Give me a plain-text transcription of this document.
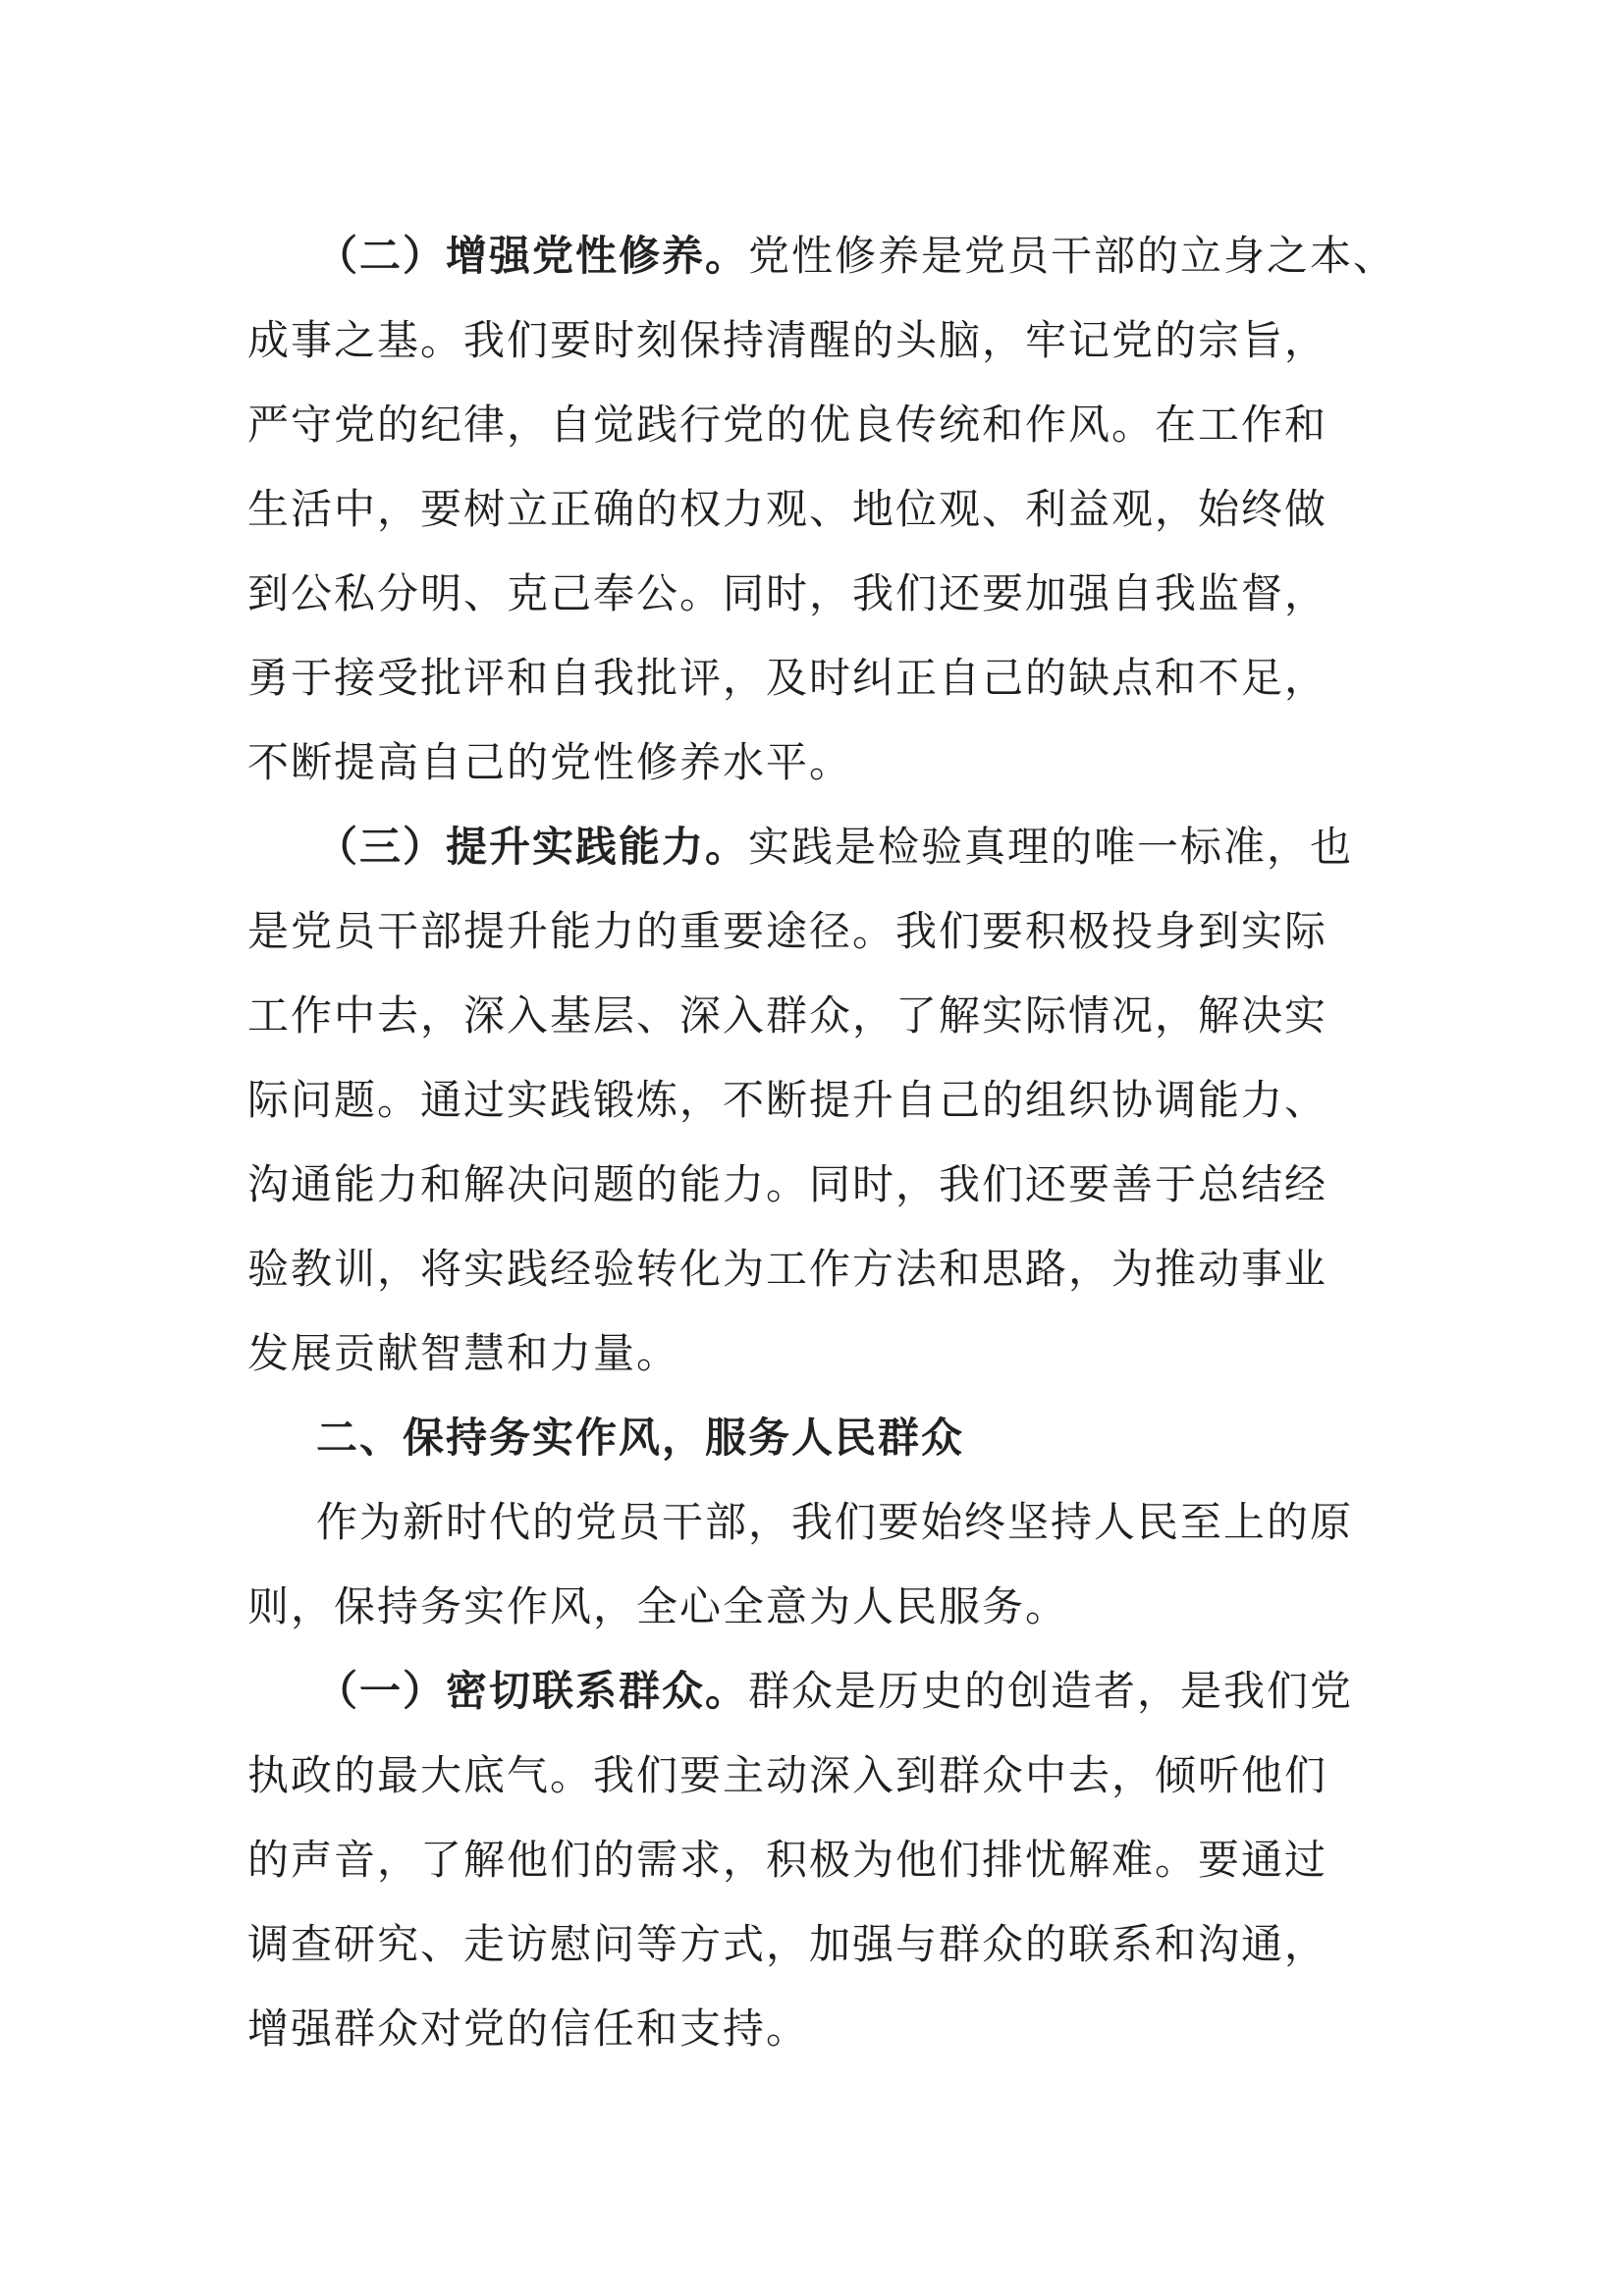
（二）增强党性修养。党性修养是党员干部的立身之本、
成事之基。我们要时刻保持清醒的头脑，牢记党的宗旨，
严守党的纪律，自觉践行党的优良传统和作风。在工作和
生活中，要树立正确的权力观、地位观、利益观，始终做
到公私分明、克己奉公。同时，我们还要加强自我监督，
勇于接受批评和自我批评，及时纠正自己的缺点和不足，
不断提高自己的党性修养水平。
（三）提升实践能力。实践是检验真理的唯一标准，也
是党员干部提升能力的重要途径。我们要积极投身到实际
工作中去，深入基层、深入群众，了解实际情况，解决实
际问题。通过实践锻炼，不断提升自己的组织协调能力、
沟通能力和解决问题的能力。同时，我们还要善于总结经
验教训，将实践经验转化为工作方法和思路，为推动事业
发展贡献智慧和力量。
二、保持务实作风，服务人民群众
作为新时代的党员干部，我们要始终坚持人民至上的原
则，保持务实作风，全心全意为人民服务。
（一）密切联系群众。群众是历史的创造者，是我们党
执政的最大底气。我们要主动深入到群众中去，倾听他们
的声音，了解他们的需求，积极为他们排忧解难。要通过
调查研究、走访慰问等方式，加强与群众的联系和沟通，
增强群众对党的信任和支持。
